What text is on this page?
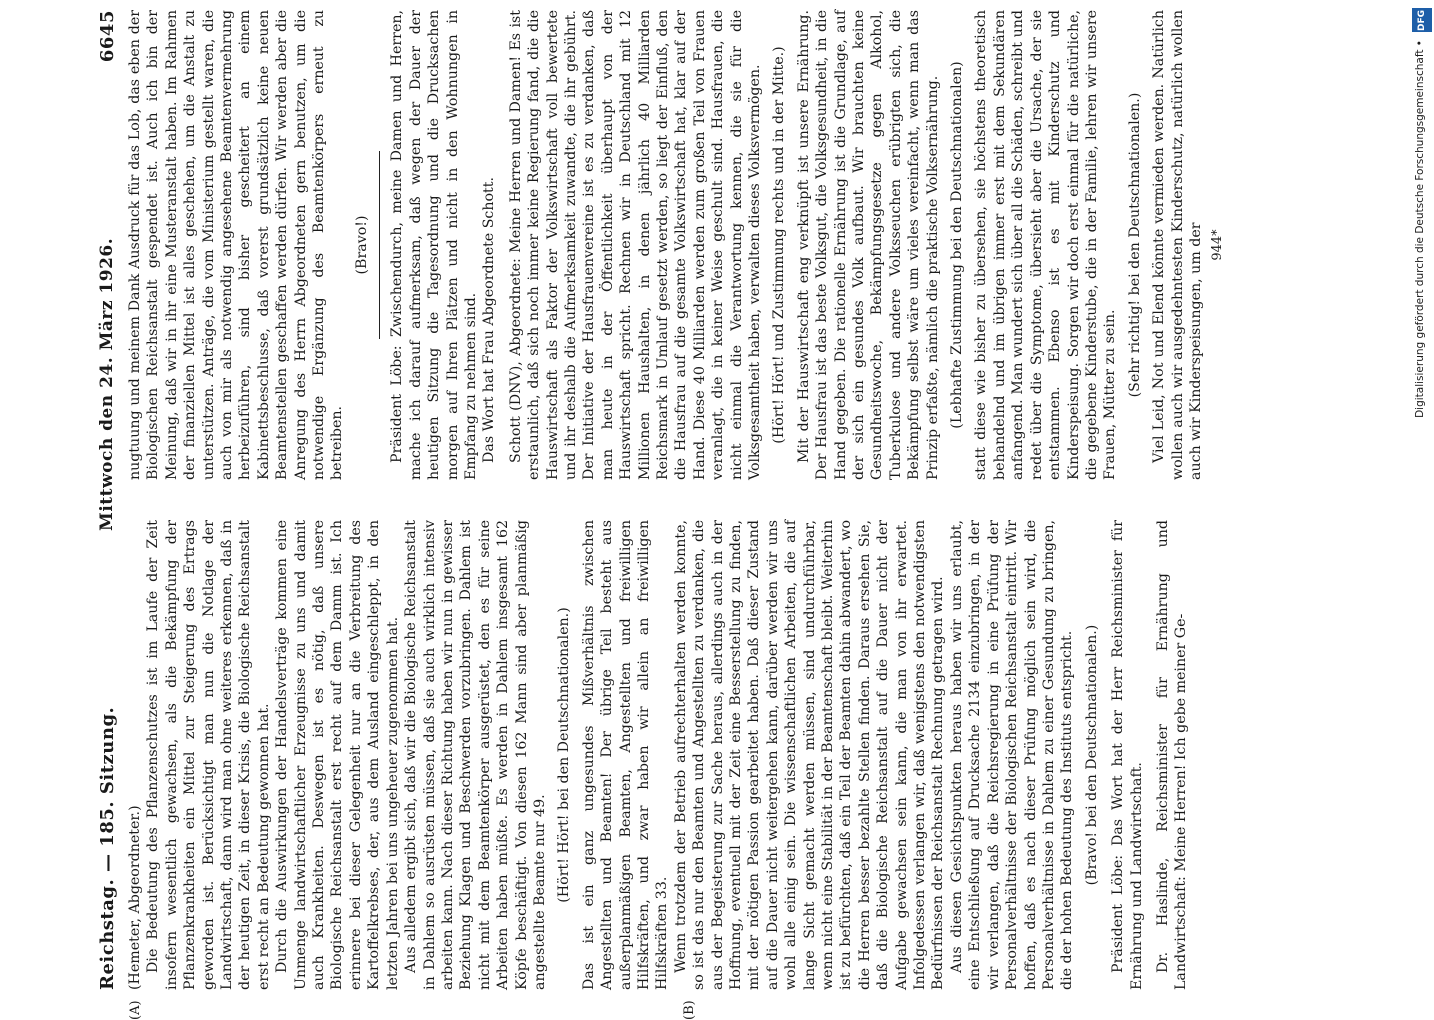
Reichstag. — 185. Sitzung.
Mittwoch den 24. März 1926.
6645
(A)	(B)

(Hemeter, Abgeordneter.) Die Bedeutung des Pflanzenschutzes ist im Laufe der Zeit insofern wesentlich gewachsen, als die Bekämpfung der Pflanzenkrankheiten ein Mittel zur Steigerung des Ertrags geworden ist. Berücksichtigt man nun die Notlage der Landwirtschaft, dann wird man ohne weiteres erkennen, daß in der heutigen Zeit, in dieser Krisis, die Biologische Reichsanstalt erst recht an Bedeutung gewonnen hat. Durch die Auswirkungen der Handelsverträge kommen eine Unmenge landwirtschaftlicher Erzeugnisse zu uns und damit auch Krankheiten. Deswegen ist es nötig, daß unsere Biologische Reichsanstalt erst recht auf dem Damm ist. Ich erinnere bei dieser Gelegenheit nur an die Verbreitung des Kartoffelkrebses, der, aus dem Ausland eingeschleppt, in den letzten Jahren bei uns ungeheuer zugenommen hat. Aus alledem ergibt sich, daß wir die Biologische Reichsanstalt in Dahlem so ausrüsten müssen, daß sie auch wirklich intensiv arbeiten kann. Nach dieser Richtung haben wir nun in gewisser Beziehung Klagen und Beschwerden vorzubringen. Dahlem ist nicht mit dem Beamtenkörper ausgerüstet, den es für seine Arbeiten haben müßte. Es werden in Dahlem insgesamt 162 Köpfe beschäftigt. Von diesen 162 Mann sind aber planmäßig angestellte Beamte nur 49. (Hört! Hört! bei den Deutschnationalen.) Das ist ein ganz ungesundes Mißverhältnis zwischen Angestellten und Beamten! Der übrige Teil besteht aus außerplanmäßigen Beamten, Angestellten und freiwilligen Hilfskräften, und zwar haben wir allein an freiwilligen Hilfskräften 33. Wenn trotzdem der Betrieb aufrechterhalten werden konnte, so ist das nur den Beamten und Angestellten zu verdanken, die aus der Begeisterung zur Sache heraus, allerdings auch in der Hoffnung, eventuell mit der Zeit eine Besserstellung zu finden, mit der nötigen Passion gearbeitet haben. Daß dieser Zustand auf die Dauer nicht weitergehen kann, darüber werden wir uns wohl alle einig sein. Die wissenschaftlichen Arbeiten, die auf lange Sicht gemacht werden müssen, sind undurchführbar, wenn nicht eine Stabilität in der Beamtenschaft bleibt. Weiterhin ist zu befürchten, daß ein Teil der Beamten dahin abwandert, wo die Herren besser bezahlte Stellen finden. Daraus ersehen Sie, daß die Biologische Reichsanstalt auf die Dauer nicht der Aufgabe gewachsen sein kann, die man von ihr erwartet. Infolgedessen verlangen wir, daß wenigstens den notwendigsten Bedürfnissen der Reichsanstalt Rechnung getragen wird. Aus diesen Gesichtspunkten heraus haben wir uns erlaubt, eine Entschließung auf Drucksache 2134 einzubringen, in der wir verlangen, daß die Reichsregierung in eine Prüfung der Personalverhältnisse der Biologischen Reichsanstalt eintritt. Wir hoffen, daß es nach dieser Prüfung möglich sein wird, die Personalverhältnisse in Dahlem zu einer Gesundung zu bringen, die der hohen Bedeutung des Instituts entspricht. (Bravo! bei den Deutschnationalen.) Präsident Löbe: Das Wort hat der Herr Reichsminister für Ernährung und Landwirtschaft. Dr. Haslinde, Reichsminister für Ernährung und Landwirtschaft: Meine Herren! Ich gebe meiner Ge-

nugtuung und meinem Dank Ausdruck für das Lob, das eben der Biologischen Reichsanstalt gespendet ist. Auch ich bin der Meinung, daß wir in ihr eine Musteranstalt haben. Im Rahmen der finanziellen Mittel ist alles geschehen, um die Anstalt zu unterstützen. Anträge, die vom Ministerium gestellt waren, die auch von mir als notwendig angesehene Beamtenvermehrung herbeizuführen, sind bisher gescheitert an einem Kabinettsbeschlusse, daß vorerst grundsätzlich keine neuen Beamtenstellen geschaffen werden dürfen. Wir werden aber die Anregung des Herrn Abgeordneten gern benutzen, um die notwendige Ergänzung des Beamtenkörpers erneut zu betreiben.

(Bravo!) Präsident Löbe: Zwischendurch, meine Damen und Herren, mache ich darauf aufmerksam, daß wegen der Dauer der heutigen Sitzung die Tagesordnung und die Drucksachen morgen auf Ihren Plätzen und nicht in den Wohnungen in Empfang zu nehmen sind. Das Wort hat Frau Abgeordnete Schott. Schott (DNV), Abgeordnete: Meine Herren und Damen! Es ist erstaunlich, daß sich noch immer keine Regierung fand, die die Hauswirtschaft als Faktor der Volkswirtschaft voll bewertete und ihr deshalb die Aufmerksamkeit zuwandte, die ihr gebührt. Der Initiative der Hausfrauenvereine ist es zu verdanken, daß man heute in der Öffentlichkeit überhaupt von der Hauswirtschaft spricht. Rechnen wir in Deutschland mit 12 Millionen Haushalten, in denen jährlich 40 Milliarden Reichsmark in Umlauf gesetzt werden, so liegt der Einfluß, den die Hausfrau auf die gesamte Volkswirtschaft hat, klar auf der Hand. Diese 40 Milliarden werden zum großen Teil von Frauen veranlagt, die in keiner Weise geschult sind. Hausfrauen, die nicht einmal die Verantwortung kennen, die sie für die Volksgesamtheit haben, verwalten dieses Volksvermögen. (Hört! Hört! und Zustimmung rechts und in der Mitte.) Mit der Hauswirtschaft eng verknüpft ist unsere Ernährung. Der Hausfrau ist das beste Volksgut, die Volksgesundheit, in die Hand gegeben. Die rationelle Ernährung ist die Grundlage, auf der sich ein gesundes Volk aufbaut. Wir brauchten keine Gesundheitswoche, Bekämpfungsgesetze gegen Alkohol, Tuberkulose und andere Volksseuchen erübrigten sich, die Bekämpfung selbst wäre um vieles vereinfacht, wenn man das Prinzip erfaßte, nämlich die praktische Volksernährung. (Lebhafte Zustimmung bei den Deutschnationalen) statt diese wie bisher zu übersehen, sie höchstens theoretisch behandelnd und im übrigen immer erst mit dem Sekundären anfangend. Man wundert sich über all die Schäden, schreibt und redet über die Symptome, übersieht aber die Ursache, der sie entstammen. Ebenso ist es mit Kinderschutz und Kinderspeisung. Sorgen wir doch erst einmal für die natürliche, die gegebene Kinderstube, die in der Familie, lehren wir unsere Frauen, Mütter zu sein. (Sehr richtig! bei den Deutschnationalen.) Viel Leid, Not und Elend könnte vermieden werden. Natürlich wollen auch wir ausgedehntesten Kinderschutz, natürlich wollen auch wir Kinderspeisungen, um der 944*
DFG
Digitalisierung gefördert durch die Deutsche Forschungsgemeinschaft •
